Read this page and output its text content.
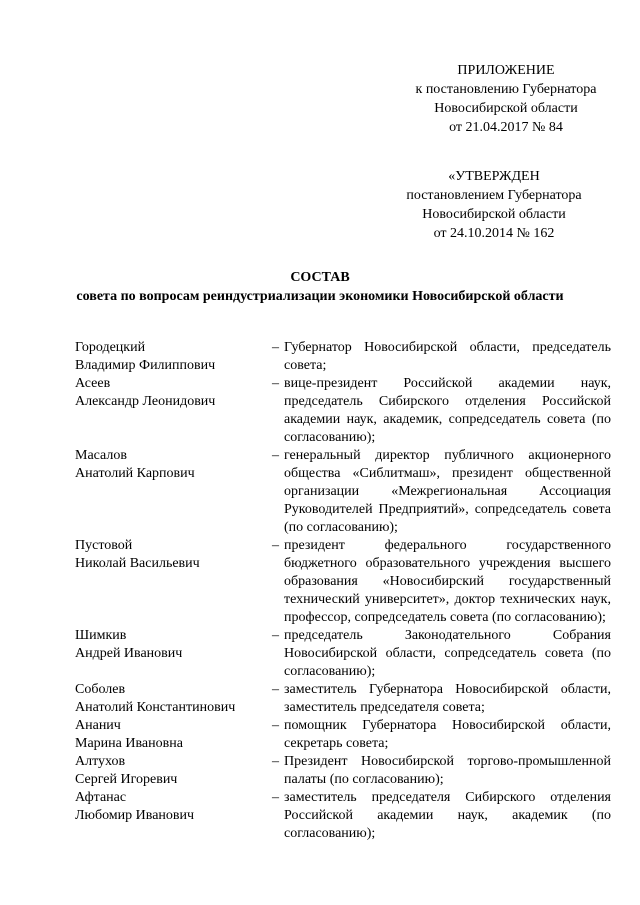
ПРИЛОЖЕНИЕ
к постановлению Губернатора
Новосибирской области
от 21.04.2017 № 84
«УТВЕРЖДЕН
постановлением Губернатора
Новосибирской области
от 24.10.2014 № 162
СОСТАВ
совета по вопросам реиндустриализации экономики Новосибирской области
Городецкий
Владимир Филиппович
– Губернатор Новосибирской области, председатель совета;
Асеев
Александр Леонидович
– вице-президент Российской академии наук, председатель Сибирского отделения Российской академии наук, академик, сопредседатель совета (по согласованию);
Масалов
Анатолий Карпович
– генеральный директор публичного акционерного общества «Сиблитмаш», президент общественной организации «Межрегиональная Ассоциация Руководителей Предприятий», сопредседатель совета (по согласованию);
Пустовой
Николай Васильевич
– президент федерального государственного бюджетного образовательного учреждения высшего образования «Новосибирский государственный технический университет», доктор технических наук, профессор, сопредседатель совета (по согласованию);
Шимкив
Андрей Иванович
– председатель Законодательного Собрания Новосибирской области, сопредседатель совета (по согласованию);
Соболев
Анатолий Константинович
– заместитель Губернатора Новосибирской области, заместитель председателя совета;
Ананич
Марина Ивановна
– помощник Губернатора Новосибирской области, секретарь совета;
Алтухов
Сергей Игоревич
– Президент Новосибирской торгово-промышленной палаты (по согласованию);
Афтанас
Любомир Иванович
– заместитель председателя Сибирского отделения Российской академии наук, академик (по согласованию);
